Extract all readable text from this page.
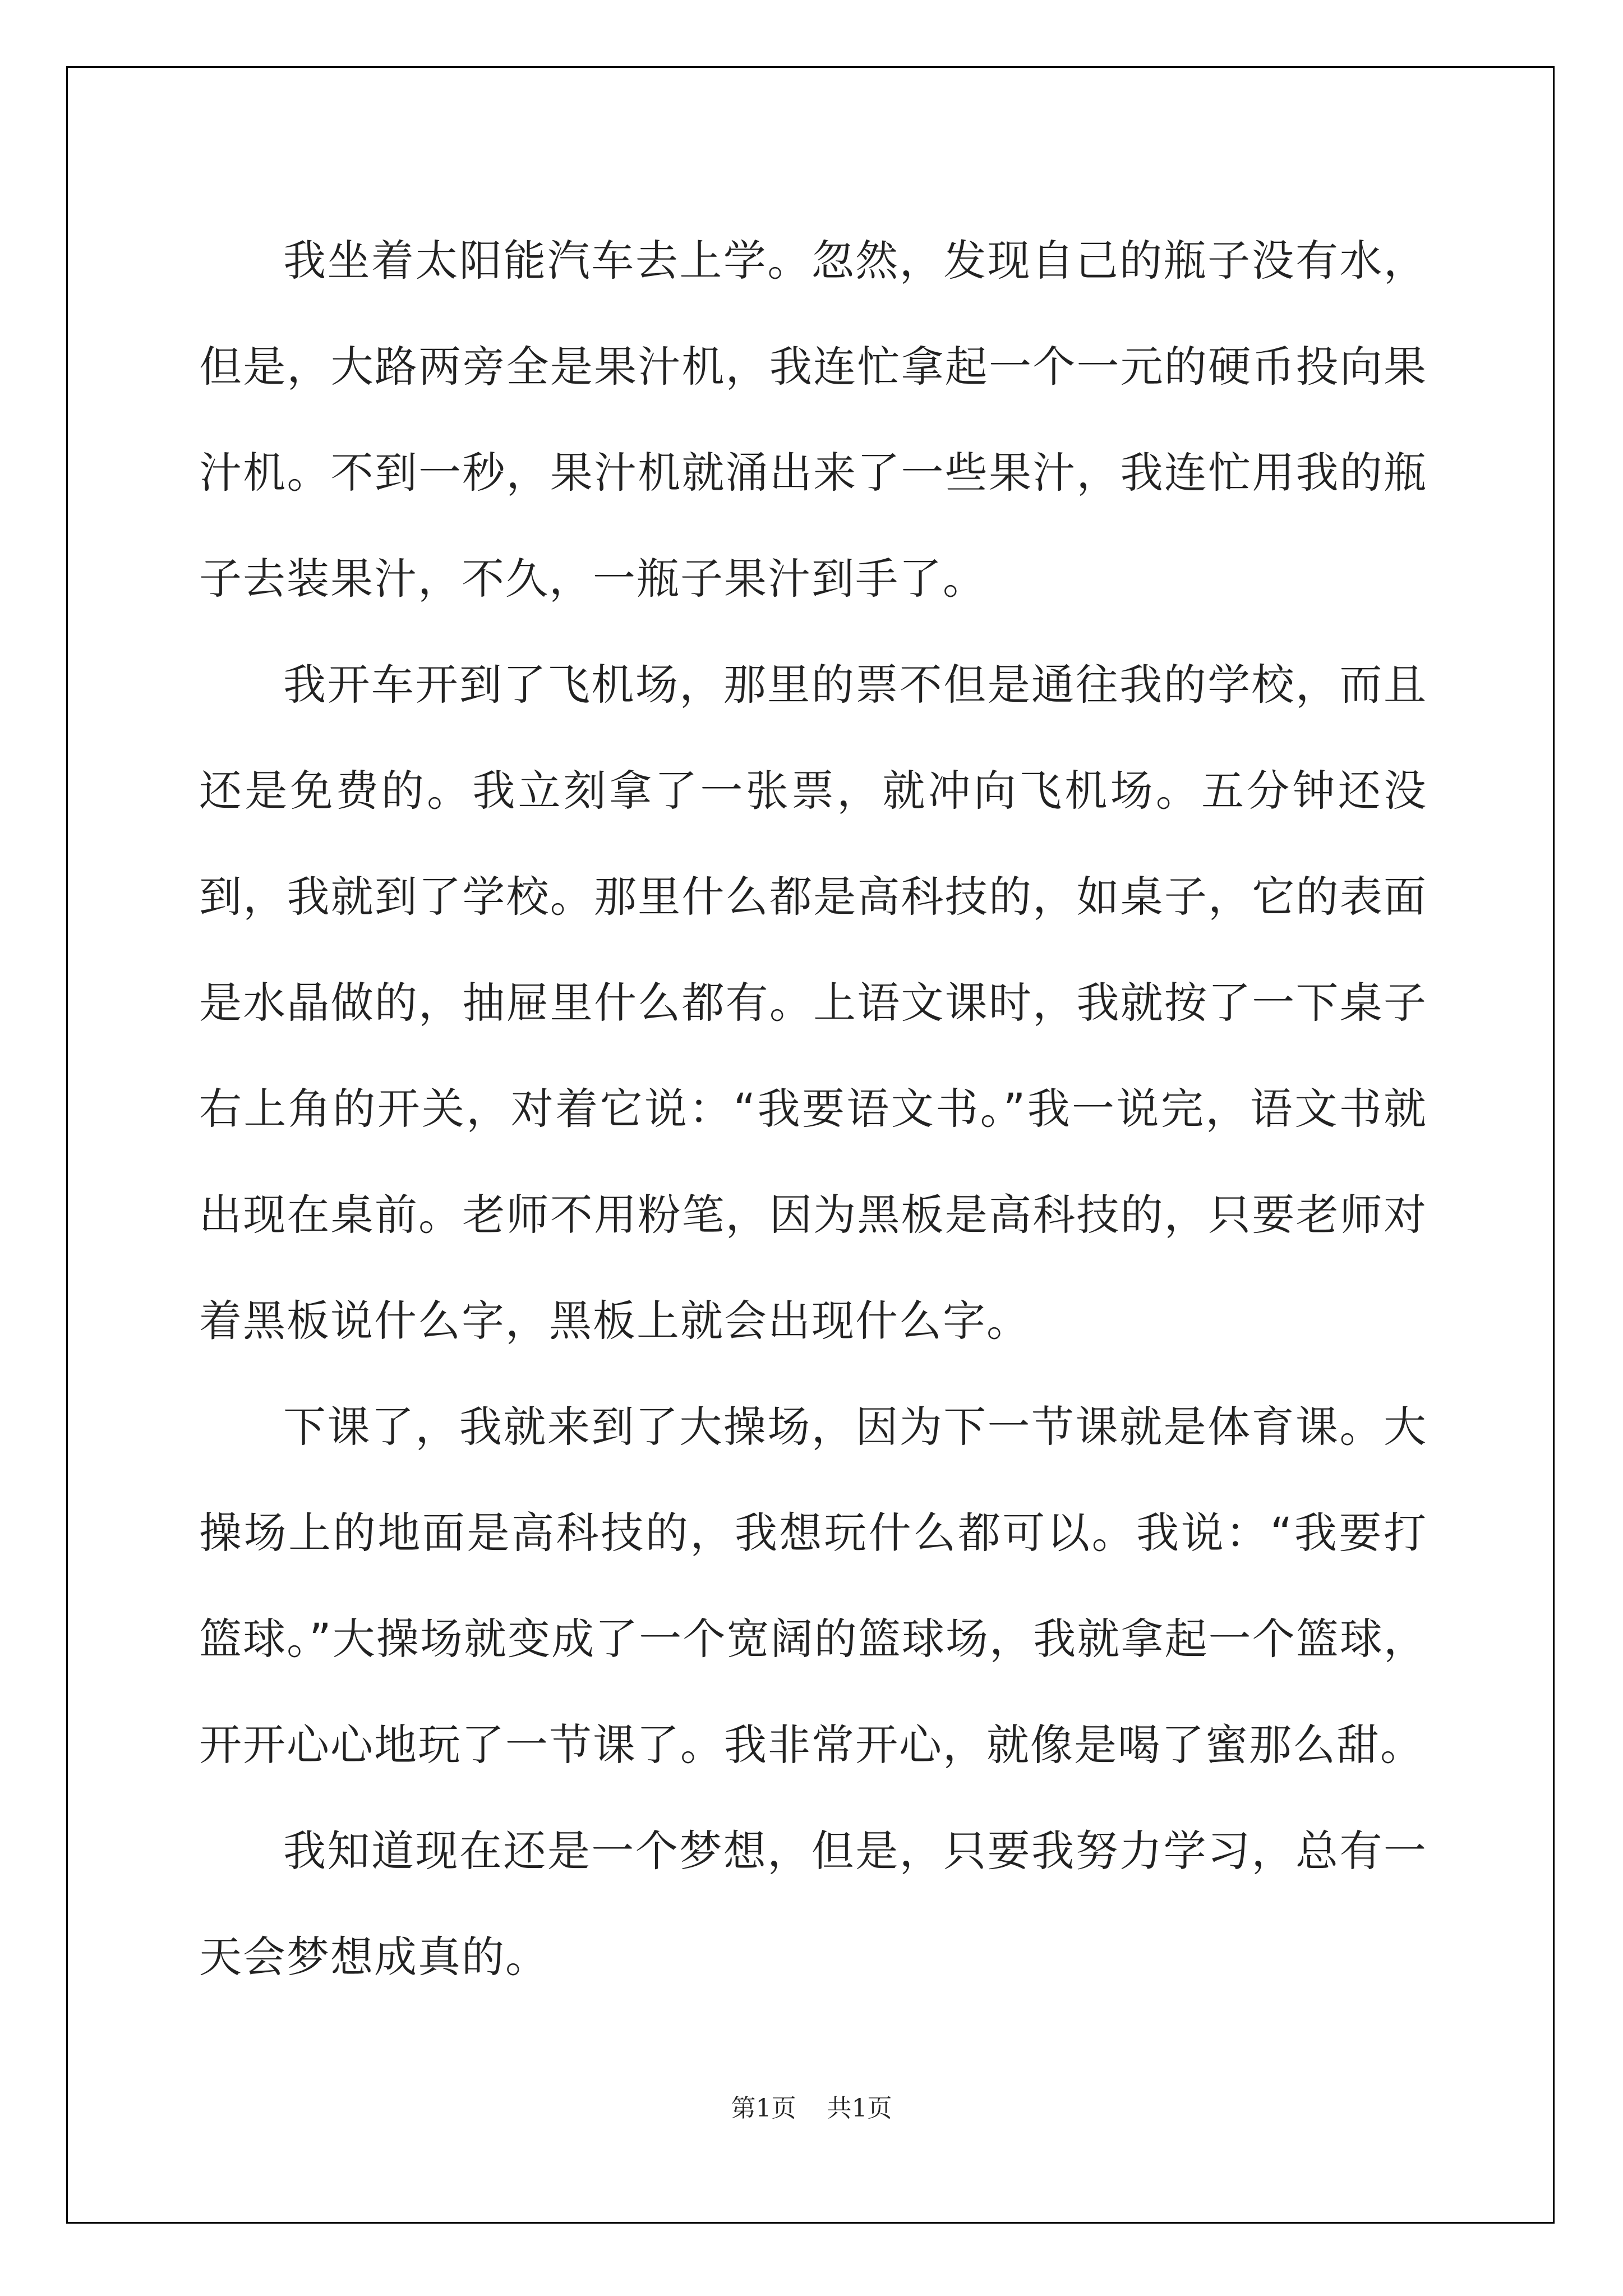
我坐着太阳能汽车去上学。忽然，发现自己的瓶子没有水，但是，大路两旁全是果汁机，我连忙拿起一个一元的硬币投向果汁机。不到一秒，果汁机就涌出来了一些果汁，我连忙用我的瓶子去装果汁，不久，一瓶子果汁到手了。

我开车开到了飞机场，那里的票不但是通往我的学校，而且还是免费的。我立刻拿了一张票，就冲向飞机场。五分钟还没到，我就到了学校。那里什么都是高科技的，如桌子，它的表面是水晶做的，抽屉里什么都有。上语文课时，我就按了一下桌子右上角的开关，对着它说：“我要语文书。”我一说完，语文书就出现在桌前。老师不用粉笔，因为黑板是高科技的，只要老师对着黑板说什么字，黑板上就会出现什么字。

下课了，我就来到了大操场，因为下一节课就是体育课。大操场上的地面是高科技的，我想玩什么都可以。我说：“我要打篮球。”大操场就变成了一个宽阔的篮球场，我就拿起一个篮球，开开心心地玩了一节课了。我非常开心，就像是喝了蜜那么甜。

我知道现在还是一个梦想，但是，只要我努力学习，总有一天会梦想成真的。

第1页 共1页
